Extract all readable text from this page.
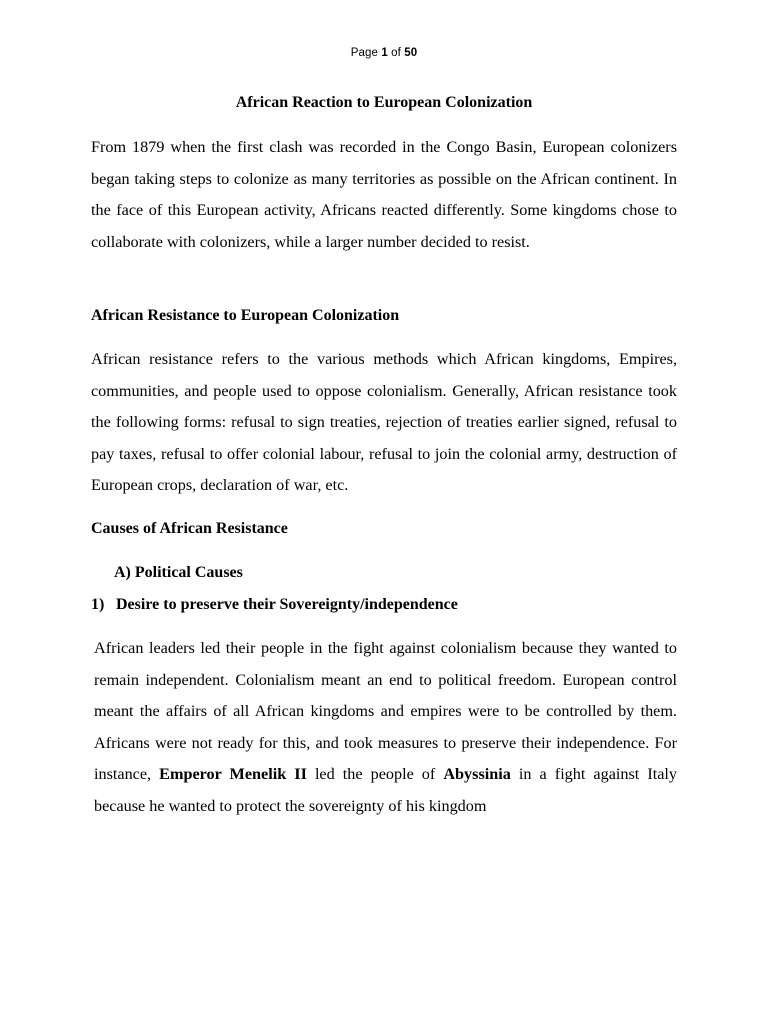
Page 1 of 50
African Reaction to European Colonization

From 1879 when the first clash was recorded in the Congo Basin, European colonizers began taking steps to colonize as many territories as possible on the African continent. In the face of this European activity, Africans reacted differently. Some kingdoms chose to collaborate with colonizers, while a larger number decided to resist.

African Resistance to European Colonization

African resistance refers to the various methods which African kingdoms, Empires, communities, and people used to oppose colonialism. Generally, African resistance took the following forms: refusal to sign treaties, rejection of treaties earlier signed, refusal to pay taxes, refusal to offer colonial labour, refusal to join the colonial army, destruction of European crops, declaration of war, etc.

Causes of African Resistance
A) Political Causes
1) Desire to preserve their Sovereignty/independence

African leaders led their people in the fight against colonialism because they wanted to remain independent. Colonialism meant an end to political freedom. European control meant the affairs of all African kingdoms and empires were to be controlled by them. Africans were not ready for this, and took measures to preserve their independence. For instance, Emperor Menelik II led the people of Abyssinia in a fight against Italy because he wanted to protect the sovereignty of his kingdom
